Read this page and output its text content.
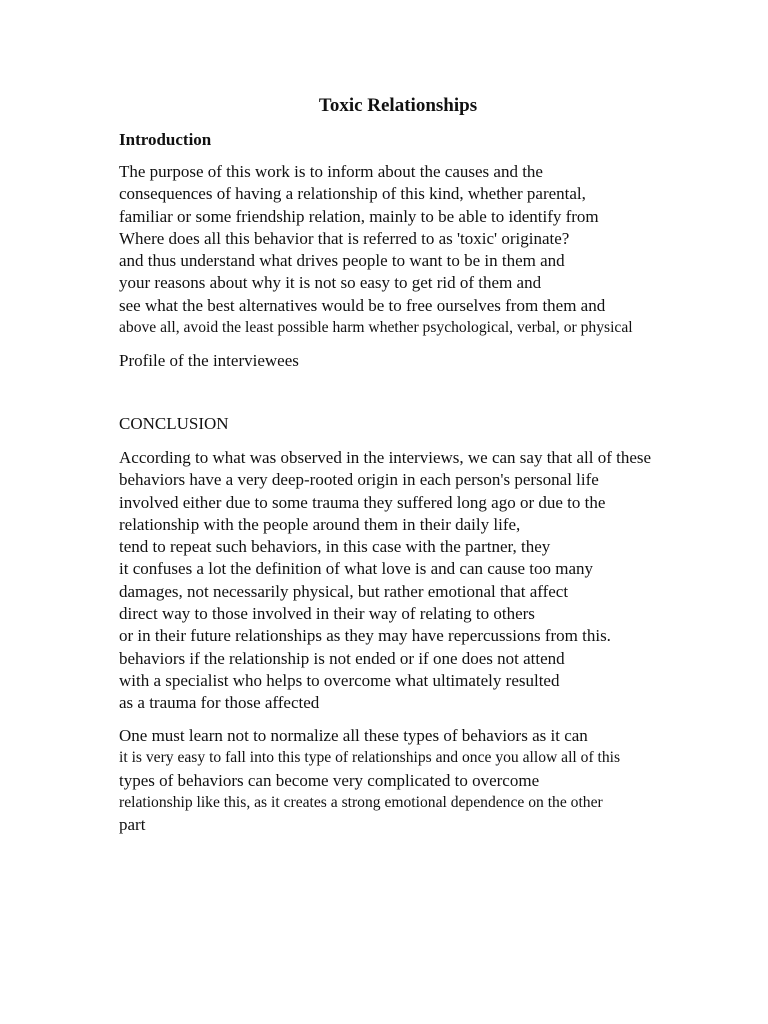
Toxic Relationships
Introduction
The purpose of this work is to inform about the causes and the
consequences of having a relationship of this kind, whether parental,
familiar or some friendship relation, mainly to be able to identify from
Where does all this behavior that is referred to as 'toxic' originate?
and thus understand what drives people to want to be in them and
your reasons about why it is not so easy to get rid of them and
see what the best alternatives would be to free ourselves from them and
above all, avoid the least possible harm whether psychological, verbal, or physical
Profile of the interviewees
CONCLUSION
According to what was observed in the interviews, we can say that all of these
behaviors have a very deep-rooted origin in each person's personal life
involved either due to some trauma they suffered long ago or due to the
relationship with the people around them in their daily life,
tend to repeat such behaviors, in this case with the partner, they
it confuses a lot the definition of what love is and can cause too many
damages, not necessarily physical, but rather emotional that affect
direct way to those involved in their way of relating to others
or in their future relationships as they may have repercussions from this.
behaviors if the relationship is not ended or if one does not attend
with a specialist who helps to overcome what ultimately resulted
as a trauma for those affected
One must learn not to normalize all these types of behaviors as it can
it is very easy to fall into this type of relationships and once you allow all of this
types of behaviors can become very complicated to overcome
relationship like this, as it creates a strong emotional dependence on the other
part
